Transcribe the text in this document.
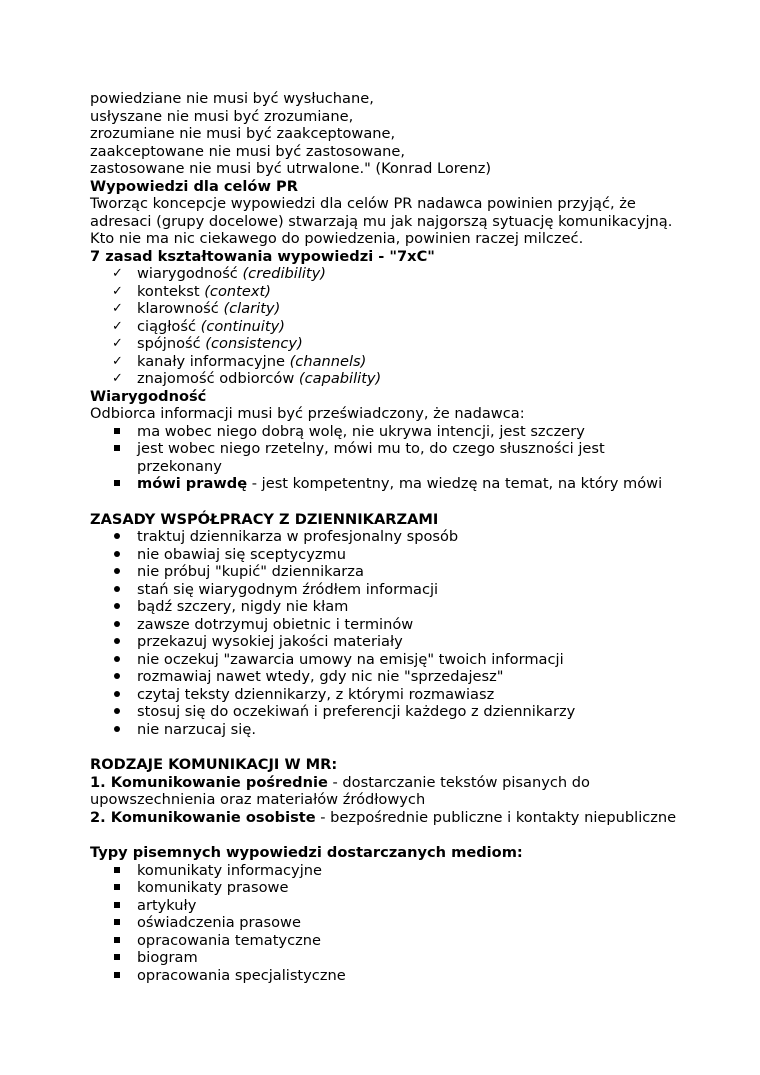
powiedziane nie musi być wysłuchane,
usłyszane nie musi być zrozumiane,
zrozumiane nie musi być zaakceptowane,
zaakceptowane nie musi być zastosowane,
zastosowane nie musi być utrwalone." (Konrad Lorenz)
Wypowiedzi dla celów PR
Tworząc koncepcje wypowiedzi dla celów PR nadawca powinien przyjąć, że
adresaci (grupy docelowe) stwarzają mu jak najgorszą sytuację komunikacyjną.
Kto nie ma nic ciekawego do powiedzenia, powinien raczej milczeć.
7 zasad kształtowania wypowiedzi - "7xC"
✓ wiarygodność (credibility)
✓ kontekst (context)
✓ klarowność (clarity)
✓ ciągłość (continuity)
✓ spójność (consistency)
✓ kanały informacyjne (channels)
✓ znajomość odbiorców (capability)
Wiarygodność
Odbiorca informacji musi być przeświadczony, że nadawca:
ma wobec niego dobrą wolę, nie ukrywa intencji, jest szczery
jest wobec niego rzetelny, mówi mu to, do czego słuszności jest
przekonany
mówi prawdę - jest kompetentny, ma wiedzę na temat, na który mówi
ZASADY WSPÓŁPRACY Z DZIENNIKARZAMI
traktuj dziennikarza w profesjonalny sposób
nie obawiaj się sceptycyzmu
nie próbuj "kupić" dziennikarza
stań się wiarygodnym źródłem informacji
bądź szczery, nigdy nie kłam
zawsze dotrzymuj obietnic i terminów
przekazuj wysokiej jakości materiały
nie oczekuj "zawarcia umowy na emisję" twoich informacji
rozmawiaj nawet wtedy, gdy nic nie "sprzedajesz"
czytaj teksty dziennikarzy, z którymi rozmawiasz
stosuj się do oczekiwań i preferencji każdego z dziennikarzy
nie narzucaj się.
RODZAJE KOMUNIKACJI W MR:
1. Komunikowanie pośrednie - dostarczanie tekstów pisanych do
upowszechnienia oraz materiałów źródłowych
2. Komunikowanie osobiste - bezpośrednie publiczne i kontakty niepubliczne
Typy pisemnych wypowiedzi dostarczanych mediom:
komunikaty informacyjne
komunikaty prasowe
artykuły
oświadczenia prasowe
opracowania tematyczne
biogram
opracowania specjalistyczne
